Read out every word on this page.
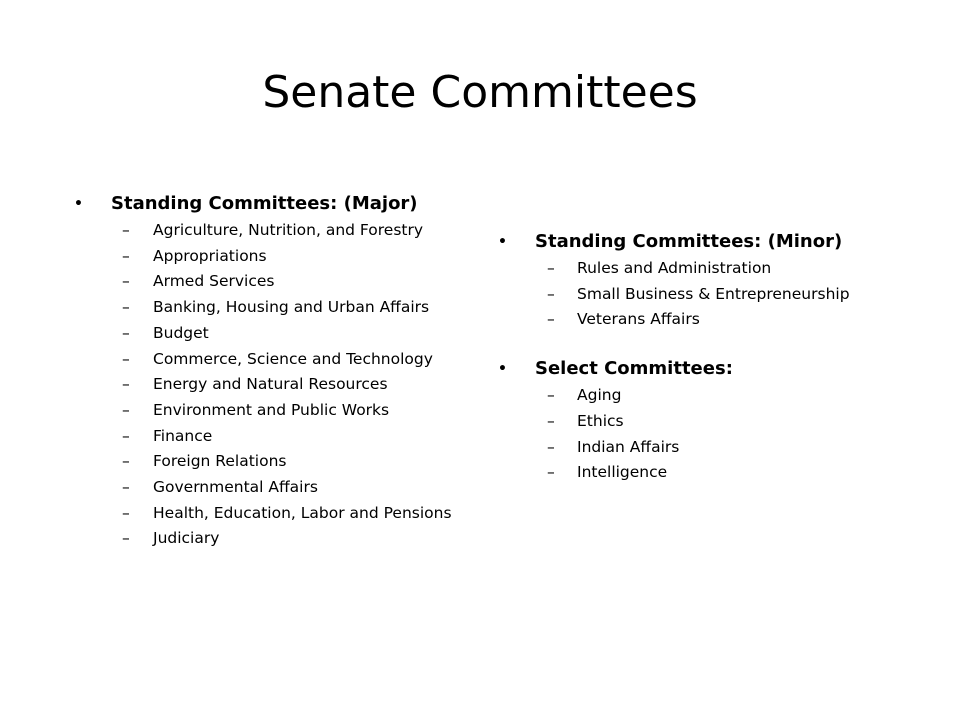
Senate Committees
• Standing Committees: (Major)
– Agriculture, Nutrition, and Forestry
– Appropriations
– Armed Services
– Banking, Housing and Urban Affairs
– Budget
– Commerce, Science and Technology
– Energy and Natural Resources
– Environment and Public Works
– Finance
– Foreign Relations
– Governmental Affairs
– Health, Education, Labor and Pensions
– Judiciary
• Standing Committees: (Minor)
– Rules and Administration
– Small Business & Entrepreneurship
– Veterans Affairs
• Select Committees:
– Aging
– Ethics
– Indian Affairs
– Intelligence
